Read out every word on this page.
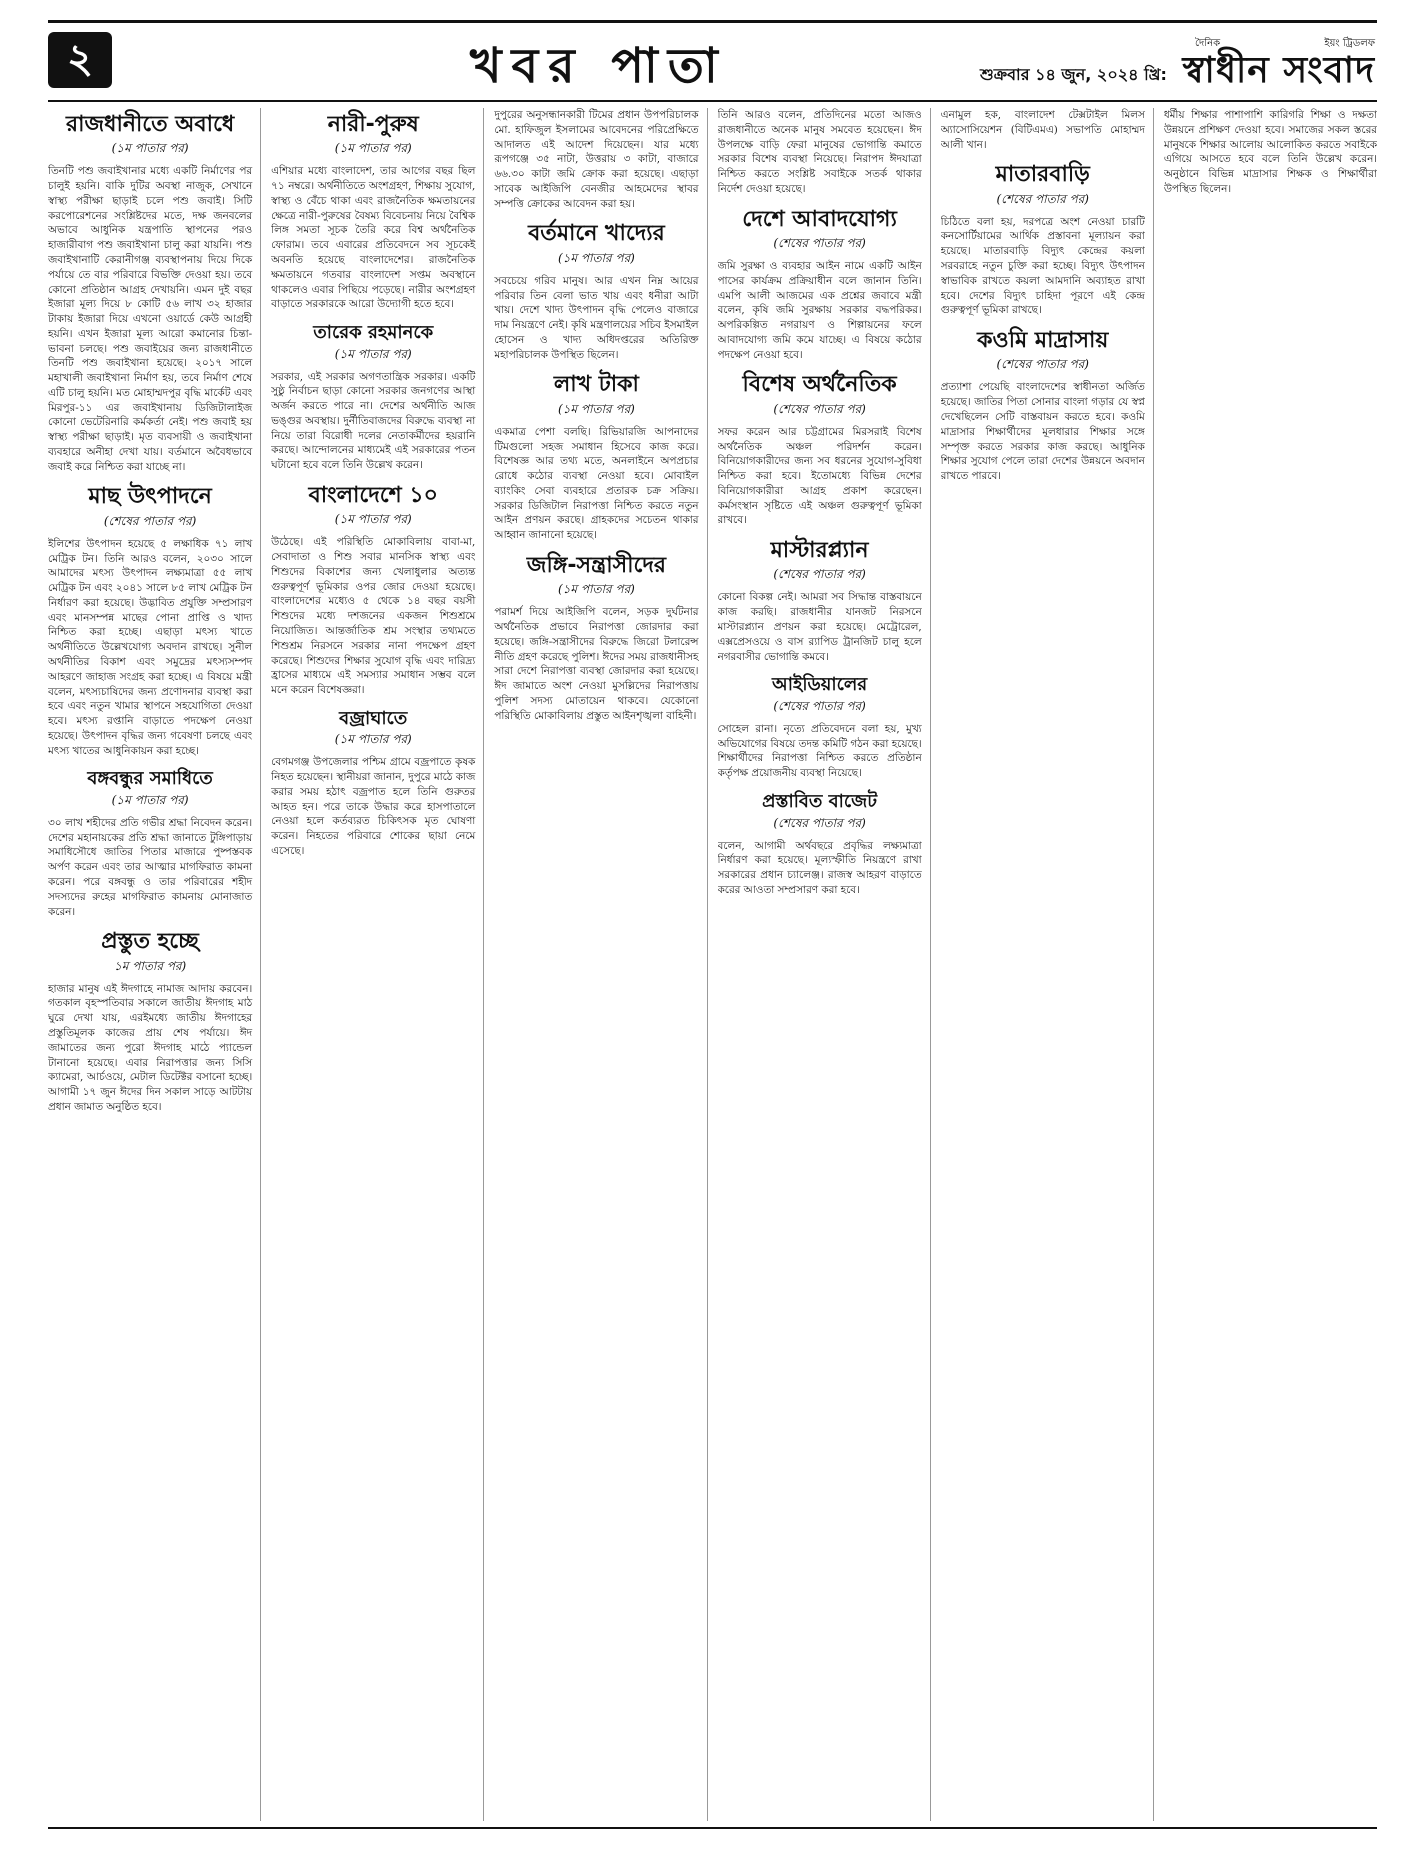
২	খবর পাতা	শুক্রবার ১৪ জুন, ২০২৪ খ্রি:
দৈনিক	ইয়ং ট্রিডলফ
স্বাধীন সংবাদ
রাজধানীতে অবাধে
(১ম পাতার পর)
তিনটি পশু জবাইখানার মধ্যে একটি নির্মাণের পর চালুই হয়নি। বাকি দুটির অবস্থা নাজুক, সেখানে স্বাস্থ্য পরীক্ষা ছাড়াই চলে পশু জবাই। সিটি করপোরেশনের সংশ্লিষ্টদের মতে, দক্ষ জনবলের অভাবে আধুনিক যন্ত্রপাতি স্থাপনের পরও হাজারীবাগ পশু জবাইখানা চালু করা যায়নি। পশু জবাইখানাটি কেরানীগঞ্জ ব্যবস্থাপনায় দিয়ে দিকে পর্যায়ে তে বার পরিবারে বিভক্তি দেওয়া হয়। তবে কোনো প্রতিষ্ঠান আগ্রহ দেখায়নি। এমন দুই বছর ইজারা মূল্য দিয়ে ৮ কোটি ৫৬ লাখ ৩২ হাজার টাকায় ইজারা দিয়ে এখনো ওয়ার্ডে কেউ আগ্রহী হয়নি। এখন ইজারা মূল্য আরো কমানোর চিন্তা-ভাবনা চলছে। পশু জবাইয়ের জন্য রাজধানীতে তিনটি পশু জবাইখানা হয়েছে। ২০১৭ সালে মহাখালী জবাইখানা নির্মাণ হয়, তবে নির্মাণ শেষে এটি চালু হয়নি। মত মোহাম্মদপুর বৃদ্ধি মার্কেট এবং মিরপুর-১১ এর জবাইখানায় ডিজিটালাইজ কোনো ভেটেরিনারি কর্মকর্তা নেই। পশু জবাই হয় স্বাস্থ্য পরীক্ষা ছাড়াই। মৃত ব্যবসায়ী ও জবাইখানা ব্যবহারে অনীহা দেখা যায়। বর্তমানে অবৈধভাবে জবাই করে নিশ্চিত করা যাচ্ছে না।
মাছ উৎপাদনে
(শেষের পাতার পর)
ইলিশের উৎপাদন হয়েছে ৫ লক্ষাধিক ৭১ লাখ মেট্রিক টন। তিনি আরও বলেন, ২০৩০ সালে আমাদের মৎস্য উৎপাদন লক্ষ্যমাত্রা ৫৫ লাখ মেট্রিক টন এবং ২০৪১ সালে ৮৫ লাখ মেট্রিক টন নির্ধারণ করা হয়েছে। উদ্ভাবিত প্রযুক্তি সম্প্রসারণ এবং মানসম্পন্ন মাছের পোনা প্রাপ্তি ও খাদ্য নিশ্চিত করা হচ্ছে। এছাড়া মৎস্য খাতে অর্থনীতিতে উল্লেখযোগ্য অবদান রাখছে। সুনীল অর্থনীতির বিকাশ এবং সমুদ্রের মৎস্যসম্পদ আহরণে জাহাজ সংগ্রহ করা হচ্ছে। এ বিষয়ে মন্ত্রী বলেন, মৎস্যচাষিদের জন্য প্রণোদনার ব্যবস্থা করা হবে এবং নতুন খামার স্থাপনে সহযোগিতা দেওয়া হবে। মৎস্য রপ্তানি বাড়াতে পদক্ষেপ নেওয়া হয়েছে। উৎপাদন বৃদ্ধির জন্য গবেষণা চলছে এবং মৎস্য খাতের আধুনিকায়ন করা হচ্ছে।
বঙ্গবন্ধুর সমাধিতে
(১ম পাতার পর)
৩০ লাখ শহীদের প্রতি গভীর শ্রদ্ধা নিবেদন করেন। দেশের মহানায়কের প্রতি শ্রদ্ধা জানাতে টুঙ্গিপাড়ায় সমাধিসৌধে জাতির পিতার মাজারে পুষ্পস্তবক অর্পণ করেন এবং তার আত্মার মাগফিরাত কামনা করেন। পরে বঙ্গবন্ধু ও তার পরিবারের শহীদ সদস্যদের রুহের মাগফিরাত কামনায় মোনাজাত করেন।
প্রস্তুত হচ্ছে
১ম পাতার পর)
হাজার মানুষ এই ঈদগাহে নামাজ আদায় করবেন। গতকাল বৃহস্পতিবার সকালে জাতীয় ঈদগাহ মাঠ ঘুরে দেখা যায়, এরইমধ্যে জাতীয় ঈদগাহের প্রস্তুতিমূলক কাজের প্রায় শেষ পর্যায়ে। ঈদ জামাতের জন্য পুরো ঈদগাহ মাঠে প্যান্ডেল টানানো হয়েছে। এবার নিরাপত্তার জন্য সিসি ক্যামেরা, আর্চওয়ে, মেটাল ডিটেক্টর বসানো হচ্ছে। আগামী ১৭ জুন ঈদের দিন সকাল সাড়ে আটটায় প্রধান জামাত অনুষ্ঠিত হবে।
নারী-পুরুষ
(১ম পাতার পর)
এশিয়ার মধ্যে বাংলাদেশ, তার আগের বছর ছিল ৭১ নম্বরে। অর্থনীতিতে অংশগ্রহণ, শিক্ষায় সুযোগ, স্বাস্থ্য ও বেঁচে থাকা এবং রাজনৈতিক ক্ষমতায়নের ক্ষেত্রে নারী-পুরুষের বৈষম্য বিবেচনায় নিয়ে বৈশ্বিক লিঙ্গ সমতা সূচক তৈরি করে বিশ্ব অর্থনৈতিক ফোরাম। তবে এবারের প্রতিবেদনে সব সূচকেই অবনতি হয়েছে বাংলাদেশের। রাজনৈতিক ক্ষমতায়নে গতবার বাংলাদেশ সপ্তম অবস্থানে থাকলেও এবার পিছিয়ে পড়েছে। নারীর অংশগ্রহণ বাড়াতে সরকারকে আরো উদ্যোগী হতে হবে।
তারেক রহমানকে
(১ম পাতার পর)
সরকার, এই সরকার অগণতান্ত্রিক সরকার। একটি সুষ্ঠু নির্বাচন ছাড়া কোনো সরকার জনগণের আস্থা অর্জন করতে পারে না। দেশের অর্থনীতি আজ ভঙ্গুর অবস্থায়। দুর্নীতিবাজদের বিরুদ্ধে ব্যবস্থা না নিয়ে তারা বিরোধী দলের নেতাকর্মীদের হয়রানি করছে। আন্দোলনের মাধ্যমেই এই সরকারের পতন ঘটানো হবে বলে তিনি উল্লেখ করেন।
বাংলাদেশে ১০
(১ম পাতার পর)
উঠেছে। এই পরিস্থিতি মোকাবিলায় বাবা-মা, সেবাদাতা ও শিশু সবার মানসিক স্বাস্থ্য এবং শিশুদের বিকাশের জন্য খেলাধুলার অত্যন্ত গুরুত্বপূর্ণ ভূমিকার ওপর জোর দেওয়া হয়েছে। বাংলাদেশের মধ্যেও ৫ থেকে ১৪ বছর বয়সী শিশুদের মধ্যে দশজনের একজন শিশুশ্রমে নিয়োজিত। আন্তর্জাতিক শ্রম সংস্থার তথ্যমতে শিশুশ্রম নিরসনে সরকার নানা পদক্ষেপ গ্রহণ করেছে। শিশুদের শিক্ষার সুযোগ বৃদ্ধি এবং দারিদ্র্য হ্রাসের মাধ্যমে এই সমস্যার সমাধান সম্ভব বলে মনে করেন বিশেষজ্ঞরা।
বজ্রাঘাতে
(১ম পাতার পর)
বেগমগঞ্জ উপজেলার পশ্চিম গ্রামে বজ্রপাতে কৃষক নিহত হয়েছেন। স্থানীয়রা জানান, দুপুরে মাঠে কাজ করার সময় হঠাৎ বজ্রপাত হলে তিনি গুরুতর আহত হন। পরে তাকে উদ্ধার করে হাসপাতালে নেওয়া হলে কর্তব্যরত চিকিৎসক মৃত ঘোষণা করেন। নিহতের পরিবারে শোকের ছায়া নেমে এসেছে।
দুপুরের অনুসন্ধানকারী টিমের প্রধান উপপরিচালক মো. হাফিজুল ইসলামের আবেদনের পরিপ্রেক্ষিতে আদালত এই আদেশ দিয়েছেন। যার মধ্যে রূপগঞ্জে ৩৫ নাটা, উত্তরায় ৩ কাটা, বাজারে ৬৬.৩০ কাটা জমি ক্রোক করা হয়েছে। এছাড়া সাবেক আইজিপি বেনজীর আহমেদের স্থাবর সম্পত্তি ক্রোকের আবেদন করা হয়।
বর্তমানে খাদ্যের
(১ম পাতার পর)
সবচেয়ে গরিব মানুষ। আর এখন নিম্ন আয়ের পরিবার তিন বেলা ভাত খায় এবং ধনীরা আটা খায়। দেশে খাদ্য উৎপাদন বৃদ্ধি পেলেও বাজারে দাম নিয়ন্ত্রণে নেই। কৃষি মন্ত্রণালয়ের সচিব ইসমাইল হোসেন ও খাদ্য অধিদপ্তরের অতিরিক্ত মহাপরিচালক উপস্থিত ছিলেন।
লাখ টাকা
(১ম পাতার পর)
একমাত্র পেশা বলছি। রিভিয়ারজি আপনাদের টিমগুলো সহজ সমাধান হিসেবে কাজ করে। বিশেষজ্ঞ আর তথ্য মতে, অনলাইনে অপপ্রচার রোধে কঠোর ব্যবস্থা নেওয়া হবে। মোবাইল ব্যাংকিং সেবা ব্যবহারে প্রতারক চক্র সক্রিয়। সরকার ডিজিটাল নিরাপত্তা নিশ্চিত করতে নতুন আইন প্রণয়ন করছে। গ্রাহকদের সচেতন থাকার আহ্বান জানানো হয়েছে।
জঙ্গি-সন্ত্রাসীদের
(১ম পাতার পর)
পরামর্শ দিয়ে আইজিপি বলেন, সড়ক দুর্ঘটনার অর্থনৈতিক প্রভাবে নিরাপত্তা জোরদার করা হয়েছে। জঙ্গি-সন্ত্রাসীদের বিরুদ্ধে জিরো টলারেন্স নীতি গ্রহণ করেছে পুলিশ। ঈদের সময় রাজধানীসহ সারা দেশে নিরাপত্তা ব্যবস্থা জোরদার করা হয়েছে। ঈদ জামাতে অংশ নেওয়া মুসল্লিদের নিরাপত্তায় পুলিশ সদস্য মোতায়েন থাকবে। যেকোনো পরিস্থিতি মোকাবিলায় প্রস্তুত আইনশৃঙ্খলা বাহিনী।
তিনি আরও বলেন, প্রতিদিনের মতো আজও রাজধানীতে অনেক মানুষ সমবেত হয়েছেন। ঈদ উপলক্ষে বাড়ি ফেরা মানুষের ভোগান্তি কমাতে সরকার বিশেষ ব্যবস্থা নিয়েছে। নিরাপদ ঈদযাত্রা নিশ্চিত করতে সংশ্লিষ্ট সবাইকে সতর্ক থাকার নির্দেশ দেওয়া হয়েছে।
দেশে আবাদযোগ্য
(শেষের পাতার পর)
জমি সুরক্ষা ও ব্যবহার আইন নামে একটি আইন পাসের কার্যক্রম প্রক্রিয়াধীন বলে জানান তিনি। এমপি আলী আজমের এক প্রশ্নের জবাবে মন্ত্রী বলেন, কৃষি জমি সুরক্ষায় সরকার বদ্ধপরিকর। অপরিকল্পিত নগরায়ণ ও শিল্পায়নের ফলে আবাদযোগ্য জমি কমে যাচ্ছে। এ বিষয়ে কঠোর পদক্ষেপ নেওয়া হবে।
বিশেষ অর্থনৈতিক
(শেষের পাতার পর)
সফর করেন আর চট্টগ্রামের মিরসরাই বিশেষ অর্থনৈতিক অঞ্চল পরিদর্শন করেন। বিনিয়োগকারীদের জন্য সব ধরনের সুযোগ-সুবিধা নিশ্চিত করা হবে। ইতোমধ্যে বিভিন্ন দেশের বিনিয়োগকারীরা আগ্রহ প্রকাশ করেছেন। কর্মসংস্থান সৃষ্টিতে এই অঞ্চল গুরুত্বপূর্ণ ভূমিকা রাখবে।
মাস্টারপ্ল্যান
(শেষের পাতার পর)
কোনো বিকল্প নেই। আমরা সব সিদ্ধান্ত বাস্তবায়নে কাজ করছি। রাজধানীর যানজট নিরসনে মাস্টারপ্ল্যান প্রণয়ন করা হয়েছে। মেট্রোরেল, এক্সপ্রেসওয়ে ও বাস র‍্যাপিড ট্রানজিট চালু হলে নগরবাসীর ভোগান্তি কমবে।
আইডিয়ালের
(শেষের পাতার পর)
সোহেল রানা। নৃত্যে প্রতিবেদনে বলা হয়, মুখ্য অভিযোগের বিষয়ে তদন্ত কমিটি গঠন করা হয়েছে। শিক্ষার্থীদের নিরাপত্তা নিশ্চিত করতে প্রতিষ্ঠান কর্তৃপক্ষ প্রয়োজনীয় ব্যবস্থা নিয়েছে।
প্রস্তাবিত বাজেট
(শেষের পাতার পর)
বলেন, আগামী অর্থবছরে প্রবৃদ্ধির লক্ষ্যমাত্রা নির্ধারণ করা হয়েছে। মূল্যস্ফীতি নিয়ন্ত্রণে রাখা সরকারের প্রধান চ্যালেঞ্জ। রাজস্ব আহরণ বাড়াতে করের আওতা সম্প্রসারণ করা হবে।
এনামুল হক, বাংলাদেশ টেক্সটাইল মিলস অ্যাসোসিয়েশন (বিটিএমএ) সভাপতি মোহাম্মদ আলী খান।
মাতারবাড়ি
(শেষের পাতার পর)
চিঠিতে বলা হয়, দরপত্রে অংশ নেওয়া চারটি কনসোর্টিয়ামের আর্থিক প্রস্তাবনা মূল্যায়ন করা হয়েছে। মাতারবাড়ি বিদ্যুৎ কেন্দ্রের কয়লা সরবরাহে নতুন চুক্তি করা হচ্ছে। বিদ্যুৎ উৎপাদন স্বাভাবিক রাখতে কয়লা আমদানি অব্যাহত রাখা হবে। দেশের বিদ্যুৎ চাহিদা পূরণে এই কেন্দ্র গুরুত্বপূর্ণ ভূমিকা রাখছে।
কওমি মাদ্রাসায়
(শেষের পাতার পর)
প্রত্যাশা পেয়েছি বাংলাদেশের স্বাধীনতা অর্জিত হয়েছে। জাতির পিতা সোনার বাংলা গড়ার যে স্বপ্ন দেখেছিলেন সেটি বাস্তবায়ন করতে হবে। কওমি মাদ্রাসার শিক্ষার্থীদের মূলধারার শিক্ষার সঙ্গে সম্পৃক্ত করতে সরকার কাজ করছে। আধুনিক শিক্ষার সুযোগ পেলে তারা দেশের উন্নয়নে অবদান রাখতে পারবে।
ধর্মীয় শিক্ষার পাশাপাশি কারিগরি শিক্ষা ও দক্ষতা উন্নয়নে প্রশিক্ষণ দেওয়া হবে। সমাজের সকল স্তরের মানুষকে শিক্ষার আলোয় আলোকিত করতে সবাইকে এগিয়ে আসতে হবে বলে তিনি উল্লেখ করেন। অনুষ্ঠানে বিভিন্ন মাদ্রাসার শিক্ষক ও শিক্ষার্থীরা উপস্থিত ছিলেন।
